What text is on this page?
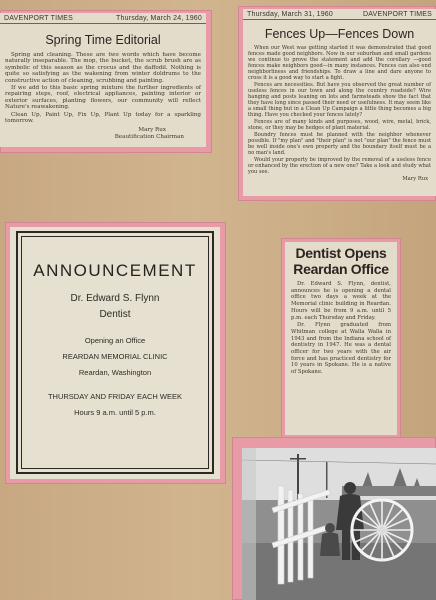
DAVENPORT TIMES	Thursday, March 24, 1960
Spring Time Editorial

Spring and cleaning. These are two words which have become naturally inseparable. The mop, the bucket, the scrub brush are as symbolic of this season as the crocus and the daffodil. Nothing is quite so satisfying as the wakening from winter doldrums to the constructive action of cleaning, scrubbing and painting.

If we add to this basic spring mixture the further ingredients of repairing steps, roof, electrical appliances, painting interior or exterior surfaces, planting flowers, our community will reflect Nature's reawakening.

Clean Up, Paint Up, Fix Up, Plant Up today for a sparkling tomorrow.

Mary Rux
Beautification Chairman
Thursday, March 31, 1960	DAVENPORT TIMES
Fences Up—Fences Down

When our West was getting started it was demonstrated that good fences made good neighbors. Now in our suburban and small gardens we continue to prove the statement and add the corollary —good fences make neighbors good—in many instances. Fences can also end neighborliness and friendships. To draw a line and dare anyone to cross it is a good way to start a fight.

Fences are necessities. But have you observed the great number of useless fences in our town and along the country roadside? Wire hanging and posts leaning on lots and farmsteads show the fact that they have long since passed their need or usefulness. It may seem like a small thing but in a Clean Up Campaign a little thing becomes a big thing. Have you checked your fences lately?

Fences are of many kinds and purposes, wood, wire, metal, brick, stone, or they may be hedges of plant material.

Boundry fences must be planned with the neighbor whenever possible. If "my plan" and "their plan" is not "our plan" the fence must be well inside one's own property and the boundary itself must be a no man's land.

Would your property be improved by the removal of a useless fence or enhanced by the erection of a new one? Take a look and study what you see.

Mary Rux
ANNOUNCEMENT
Dr. Edward S. Flynn
Dentist
Opening an Office
REARDAN MEMORIAL CLINIC
Reardan, Washington
THURSDAY AND FRIDAY EACH WEEK
Hours 9 a.m. until 5 p.m.
Dentist Opens
Reardan Office

Dr. Edward S. Flynn, dentist, announces he is opening a dental office two days a week at the Memorial clinic building in Reardan. Hours will be from 9 a.m. until 5 p.m. each Thursday and Friday.

Dr. Flynn graduated from Whitman college at Walla Walla in 1943 and from the Indiana school of dentistry in 1947. He was a dental officer for two years with the air force and has practiced dentistry for 10 years in Spokane. He is a native of Spokane.
